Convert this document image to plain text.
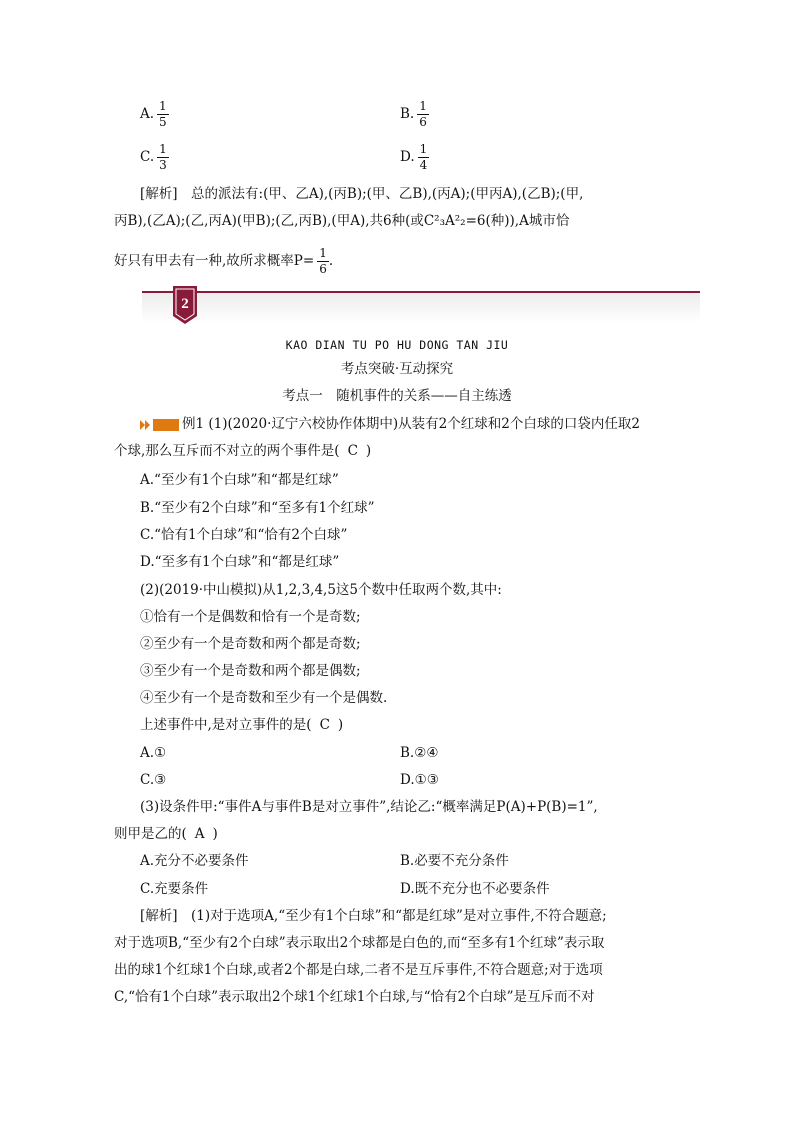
A. $\frac{1}{5}$	B. $\frac{1}{6}$
C. $\frac{1}{3}$	D. $\frac{1}{4}$
[解析]　总的派法有:(甲、乙A),(丙B);(甲、乙B),(丙A);(甲丙A),(乙B);(甲,
丙B),(乙A);(乙,丙A)(甲B);(乙,丙B),(甲A),共6种(或C²₃A²₂=6(种)),A城市恰
好只有甲去有一种,故所求概率$P= \frac{1}{6}$ .
2
KAO DIAN TU PO HU DONG TAN JIU
考点突破·互动探究
考点一　随机事件的关系——自主练透
例1 (1)(2020·辽宁六校协作体期中)从装有2个红球和2个白球的口袋内任取2
个球,那么互斥而不对立的两个事件是( C )
A.“至少有1个白球”和“都是红球”
B.“至少有2个白球”和“至多有1个红球”
C.“恰有1个白球”和“恰有2个白球”
D.“至多有1个白球”和“都是红球”
(2)(2019·中山模拟)从1,2,3,4,5这5个数中任取两个数,其中:
①恰有一个是偶数和恰有一个是奇数;
②至少有一个是奇数和两个都是奇数;
③至少有一个是奇数和两个都是偶数;
④至少有一个是奇数和至少有一个是偶数.
上述事件中,是对立事件的是( C )
A.①	B.②④
C.③	D.①③
(3)设条件甲:“事件A与事件B是对立事件”,结论乙:“概率满足P(A)+P(B)=1”,
则甲是乙的( A )
A.充分不必要条件	B.必要不充分条件
C.充要条件	D.既不充分也不必要条件
[解析]　(1)对于选项A,“至少有1个白球”和“都是红球”是对立事件,不符合题意;
对于选项B,“至少有2个白球”表示取出2个球都是白色的,而“至多有1个红球”表示取
出的球1个红球1个白球,或者2个都是白球,二者不是互斥事件,不符合题意;对于选项
C,“恰有1个白球”表示取出2个球1个红球1个白球,与“恰有2个白球”是互斥而不对
